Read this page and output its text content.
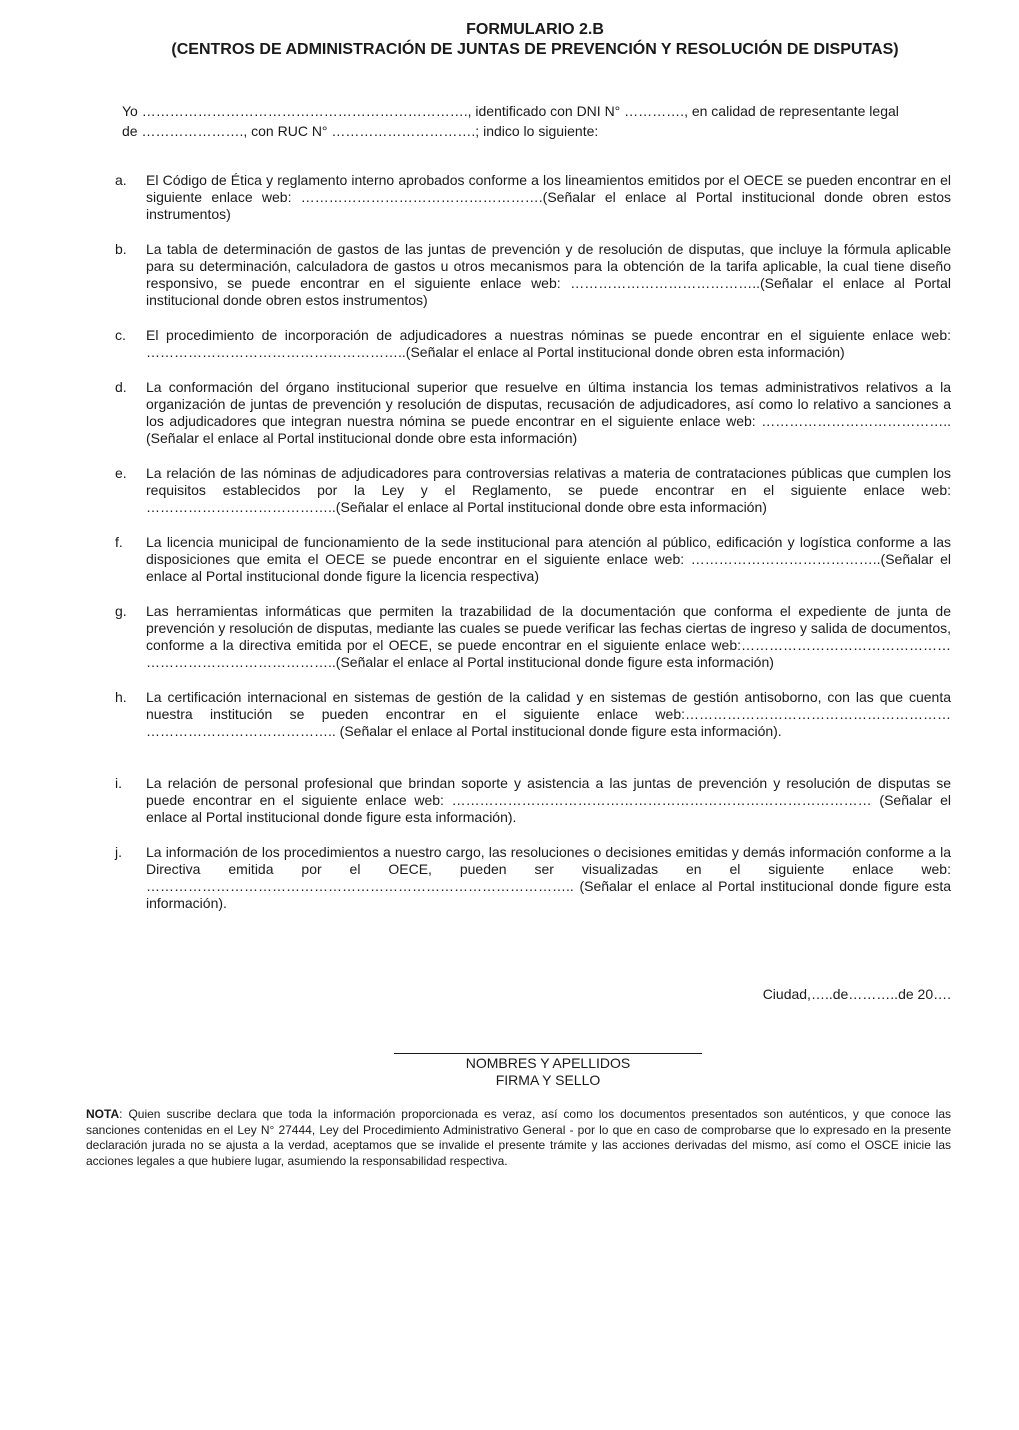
FORMULARIO 2.B
(CENTROS DE ADMINISTRACIÓN DE JUNTAS DE PREVENCIÓN Y RESOLUCIÓN DE DISPUTAS)

Yo ……………………………………………………………., identificado con DNI N° …………., en calidad de representante legal

de …………………., con RUC N° ………………………….; indico lo siguiente:

a. El Código de Ética y reglamento interno aprobados conforme a los lineamientos emitidos por el OECE se pueden encontrar en el siguiente enlace web: …………………………………………….(Señalar el enlace al Portal institucional donde obren estos instrumentos)
b. La tabla de determinación de gastos de las juntas de prevención y de resolución de disputas, que incluye la fórmula aplicable para su determinación, calculadora de gastos u otros mecanismos para la obtención de la tarifa aplicable, la cual tiene diseño responsivo, se puede encontrar en el siguiente enlace web: …………………………………..(Señalar el enlace al Portal institucional donde obren estos instrumentos)
c. El procedimiento de incorporación de adjudicadores a nuestras nóminas se puede encontrar en el siguiente enlace web: ………………………………………………..(Señalar el enlace al Portal institucional donde obren esta información)
d. La conformación del órgano institucional superior que resuelve en última instancia los temas administrativos relativos a la organización de juntas de prevención y resolución de disputas, recusación de adjudicadores, así como lo relativo a sanciones a los adjudicadores que integran nuestra nómina se puede encontrar en el siguiente enlace web: …………………………………..(Señalar el enlace al Portal institucional donde obre esta información)
e. La relación de las nóminas de adjudicadores para controversias relativas a materia de contrataciones públicas que cumplen los requisitos establecidos por la Ley y el Reglamento, se puede encontrar en el siguiente enlace web: …………………………………..(Señalar el enlace al Portal institucional donde obre esta información)
f. La licencia municipal de funcionamiento de la sede institucional para atención al público, edificación y logística conforme a las disposiciones que emita el OECE se puede encontrar en el siguiente enlace web: …………………………………..(Señalar el enlace al Portal institucional donde figure la licencia respectiva)
g. Las herramientas informáticas que permiten la trazabilidad de la documentación que conforma el expediente de junta de prevención y resolución de disputas, mediante las cuales se puede verificar las fechas ciertas de ingreso y salida de documentos, conforme a la directiva emitida por el OECE, se puede encontrar en el siguiente enlace web:……………………………………… …………………………………..(Señalar el enlace al Portal institucional donde figure esta información)
h. La certificación internacional en sistemas de gestión de la calidad y en sistemas de gestión antisoborno, con las que cuenta nuestra institución se pueden encontrar en el siguiente enlace web:………………………………………………… ………………………………….. (Señalar el enlace al Portal institucional donde figure esta información).
i. La relación de personal profesional que brindan soporte y asistencia a las juntas de prevención y resolución de disputas se puede encontrar en el siguiente enlace web: ……………………………………………………………………………… (Señalar el enlace al Portal institucional donde figure esta información).
j. La información de los procedimientos a nuestro cargo, las resoluciones o decisiones emitidas y demás información conforme a la Directiva emitida por el OECE, pueden ser visualizadas en el siguiente enlace web: ……………………………………………………………………………….. (Señalar el enlace al Portal institucional donde figure esta información).
Ciudad,…..de………..de 20….
NOMBRES Y APELLIDOS
FIRMA Y SELLO
NOTA: Quien suscribe declara que toda la información proporcionada es veraz, así como los documentos presentados son auténticos, y que conoce las sanciones contenidas en el Ley N° 27444, Ley del Procedimiento Administrativo General - por lo que en caso de comprobarse que lo expresado en la presente declaración jurada no se ajusta a la verdad, aceptamos que se invalide el presente trámite y las acciones derivadas del mismo, así como el OSCE inicie las acciones legales a que hubiere lugar, asumiendo la responsabilidad respectiva.
